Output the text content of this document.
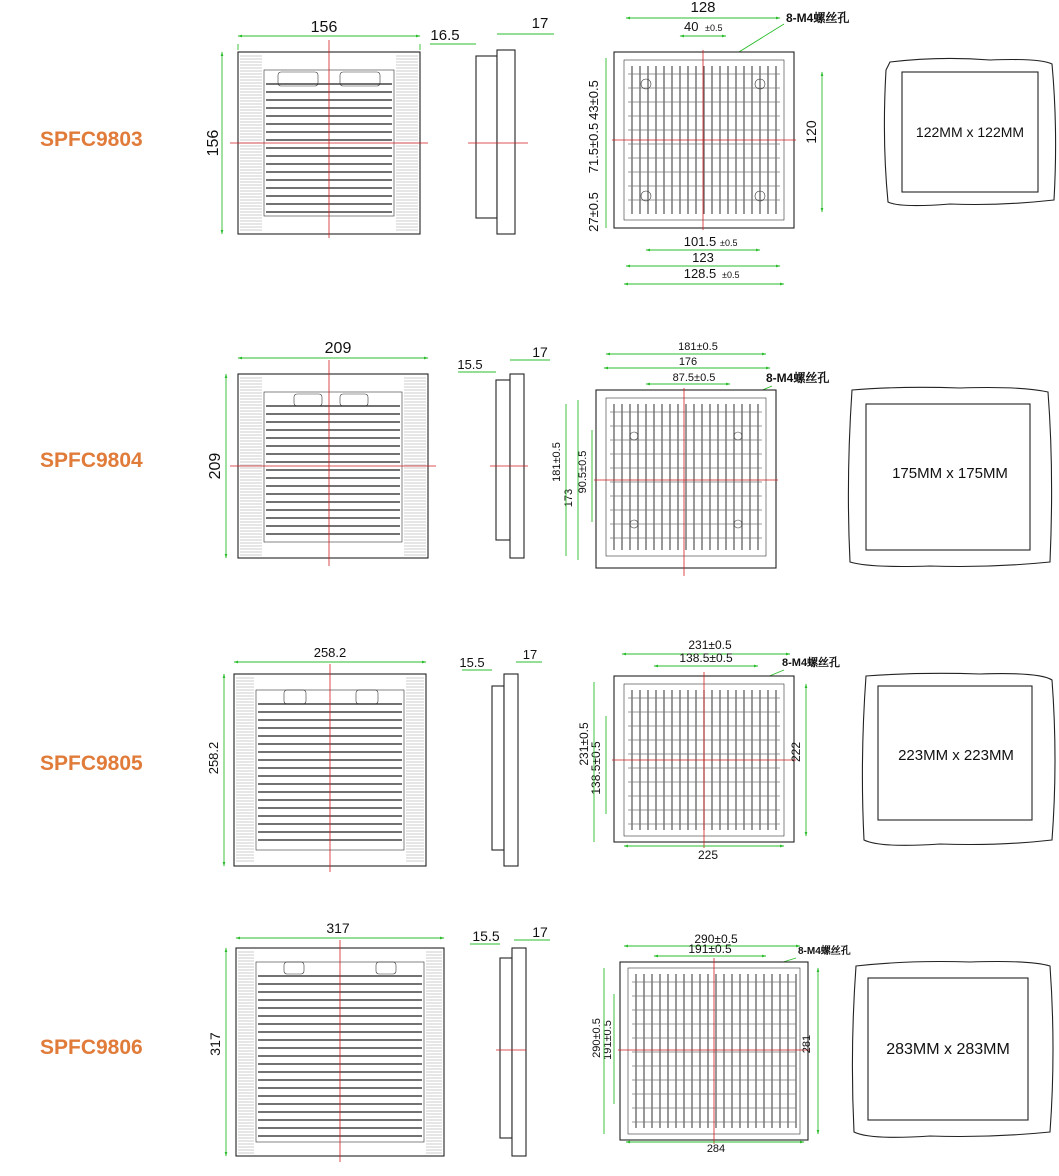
SPFC9803
156
156
16.5
17
128
40 ±0.5
8-M4螺丝孔
43±0.5
71.5±0.5
27±0.5
120
101.5 ±0.5
123
128.5 ±0.5
122MM x 122MM
SPFC9804
209
209
15.5
17	181±0.5
176
87.5±0.5	8-M4螺丝孔
181±0.5
173
90.5±0.5	175MM x 175MM
SPFC9805
258.2
258.2
15.5
17
231±0.5
138.5±0.5	8-M4螺丝孔
231±0.5
138.5±0.5	222
225
223MM x 223MM
SPFC9806
317
317
15.5 17	290±0.5
191±0.5	8-M4螺丝孔
290±0.5 191±0.5	281
284
283MM x 283MM
